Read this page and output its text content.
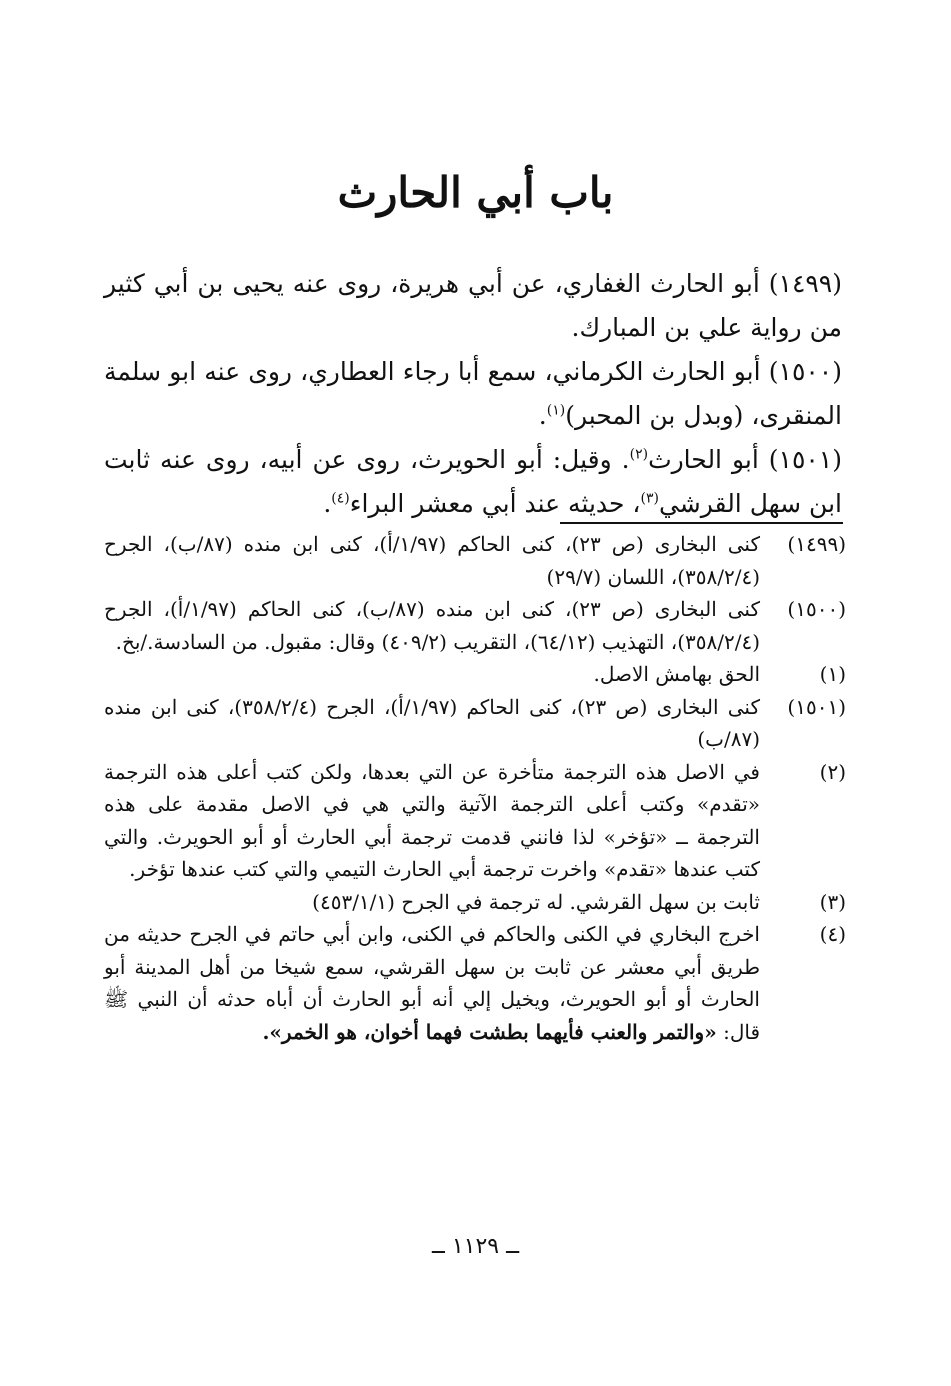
باب أبي الحارث

(١٤٩٩) أبو الحارث الغفاري، عن أبي هريرة، روى عنه يحيى بن أبي كثير من رواية علي بن المبارك.

(١٥٠٠) أبو الحارث الكرماني، سمع أبا رجاء العطاري، روى عنه ابو سلمة المنقرى، (وبدل بن المحبر)$^{(١)}$.

(١٥٠١) أبو الحارث$^{(٢)}$. وقيل: أبو الحويرث، روى عن أبيه، روى عنه ثابت ابن سهل القرشي$^{(٣)}$، حديثه عند أبي معشر البراء$^{(٤)}$.

(١٤٩٩)
كنى البخارى (ص ٢٣)، كنى الحاكم (١/٩٧/أ)، كنى ابن منده (٨٧/ب)، الجرح (٣٥٨/٢/٤)، اللسان (٢٩/٧)
(١٥٠٠)
كنى البخارى (ص ٢٣)، كنى ابن منده (٨٧/ب)، كنى الحاكم (١/٩٧/أ)، الجرح (٣٥٨/٢/٤)، التهذيب (٦٤/١٢)، التقريب (٤٠٩/٢) وقال: مقبول. من السادسة./بخ.
(١)
الحق بهامش الاصل.
(١٥٠١)
كنى البخارى (ص ٢٣)، كنى الحاكم (١/٩٧/أ)، الجرح (٣٥٨/٢/٤)، كنى ابن منده (٨٧/ب)
(٢)
في الاصل هذه الترجمة متأخرة عن التي بعدها، ولكن كتب أعلى هذه الترجمة «تقدم» وكتب أعلى الترجمة الآتية والتي هي في الاصل مقدمة على هذه الترجمة ــ «تؤخر» لذا فانني قدمت ترجمة أبي الحارث أو أبو الحويرث. والتي كتب عندها «تقدم» واخرت ترجمة أبي الحارث التيمي والتي كتب عندها تؤخر.
(٣)
ثابت بن سهل القرشي. له ترجمة في الجرح (٤٥٣/١/١)
(٤)
اخرج البخاري في الكنى والحاكم في الكنى، وابن أبي حاتم في الجرح حديثه من طريق أبي معشر عن ثابت بن سهل القرشي، سمع شيخا من أهل المدينة أبو الحارث أو أبو الحويرث، ويخيل إلي أنه أبو الحارث أن أباه حدثه أن النبي ﷺ قال: «والتمر والعنب فأيهما بطشت فهما أخوان، هو الخمر».
ــ ١١٢٩ ــ
